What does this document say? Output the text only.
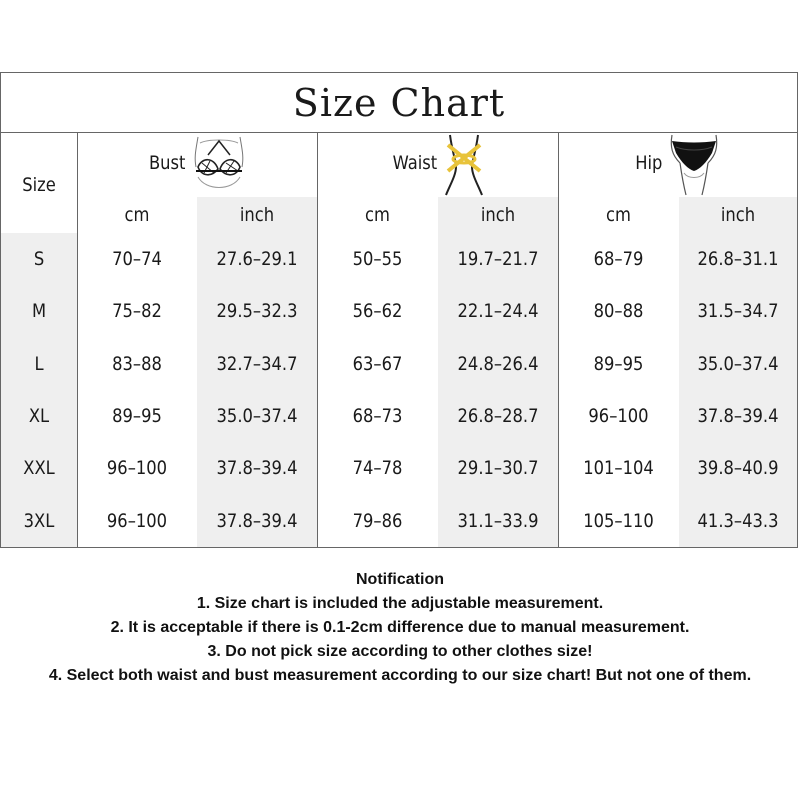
Size Chart
Size
Bust	Waist	Hip
cm	inch	cm	inch	cm	inch
S	70–74	27.6–29.1	50–55	19.7–21.7	68–79	26.8–31.1
M	75–82	29.5–32.3	56–62	22.1–24.4	80–88	31.5–34.7
L	83–88	32.7–34.7	63–67	24.8–26.4	89–95	35.0–37.4
XL	89–95	35.0–37.4	68–73	26.8–28.7	96–100	37.8–39.4
XXL	96–100	37.8–39.4	74–78	29.1–30.7	101–104	39.8–40.9
3XL	96–100	37.8–39.4	79–86	31.1–33.9	105–110	41.3–43.3
Notification
1. Size chart is included the adjustable measurement.
2. It is acceptable if there is 0.1-2cm difference due to manual measurement.
3. Do not pick size according to other clothes size!
4. Select both waist and bust measurement according to our size chart! But not one of them.
